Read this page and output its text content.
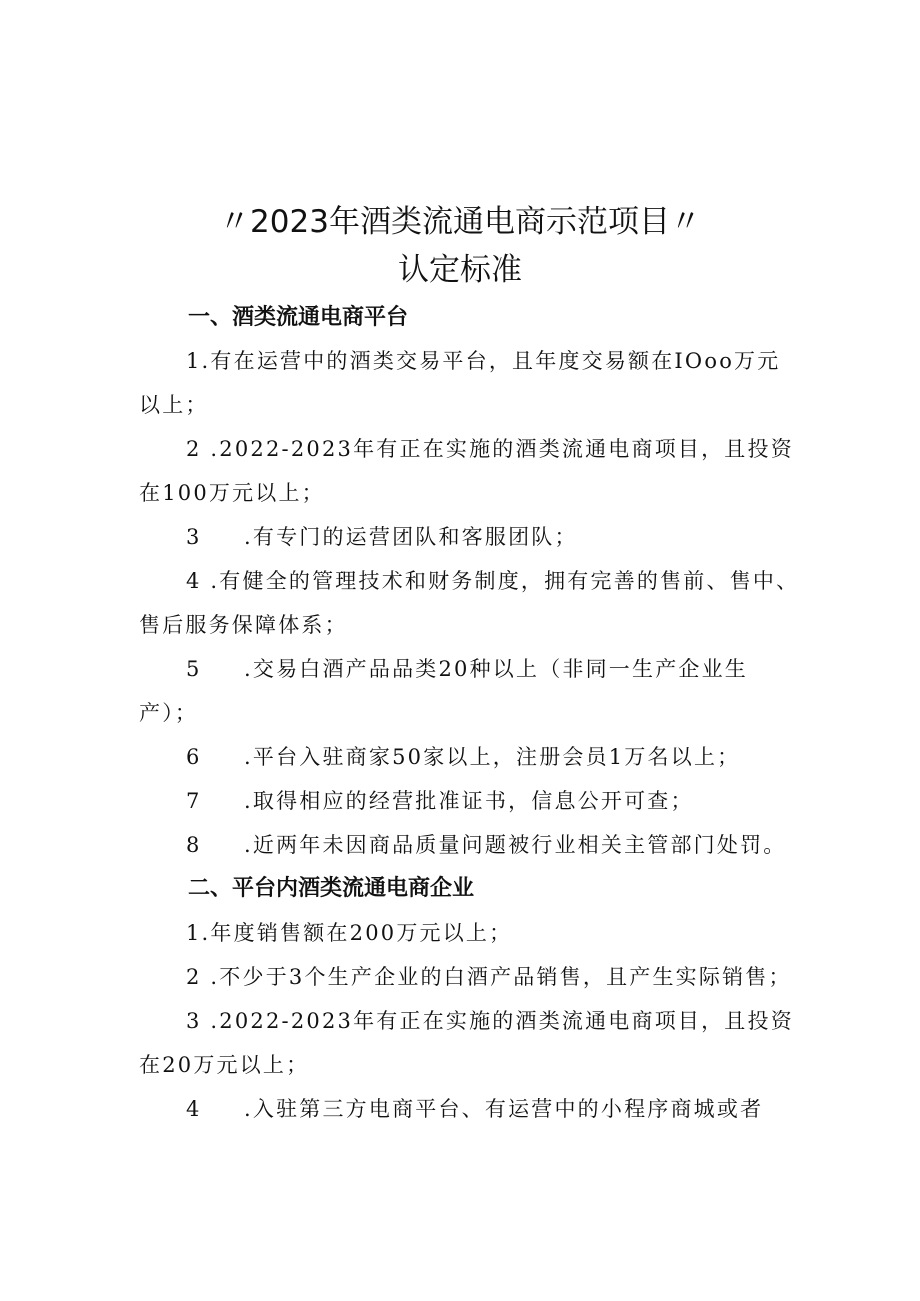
〃2023年酒类流通电商示范项目〃
认定标准
一、酒类流通电商平台
1.有在运营中的酒类交易平台，且年度交易额在IOoo万元
以上；
2 .2022-2023年有正在实施的酒类流通电商项目，且投资
在100万元以上；
3 .有专门的运营团队和客服团队；
4 .有健全的管理技术和财务制度，拥有完善的售前、售中、
售后服务保障体系；
5 .交易白酒产品品类20种以上（非同一生产企业生
产）；
6 .平台入驻商家50家以上，注册会员1万名以上；
7 .取得相应的经营批准证书，信息公开可查；
8 .近两年未因商品质量问题被行业相关主管部门处罚。
二、平台内酒类流通电商企业
1.年度销售额在200万元以上；
2 .不少于3个生产企业的白酒产品销售，且产生实际销售；
3 .2022-2023年有正在实施的酒类流通电商项目，且投资
在20万元以上；
4 .入驻第三方电商平台、有运营中的小程序商城或者
